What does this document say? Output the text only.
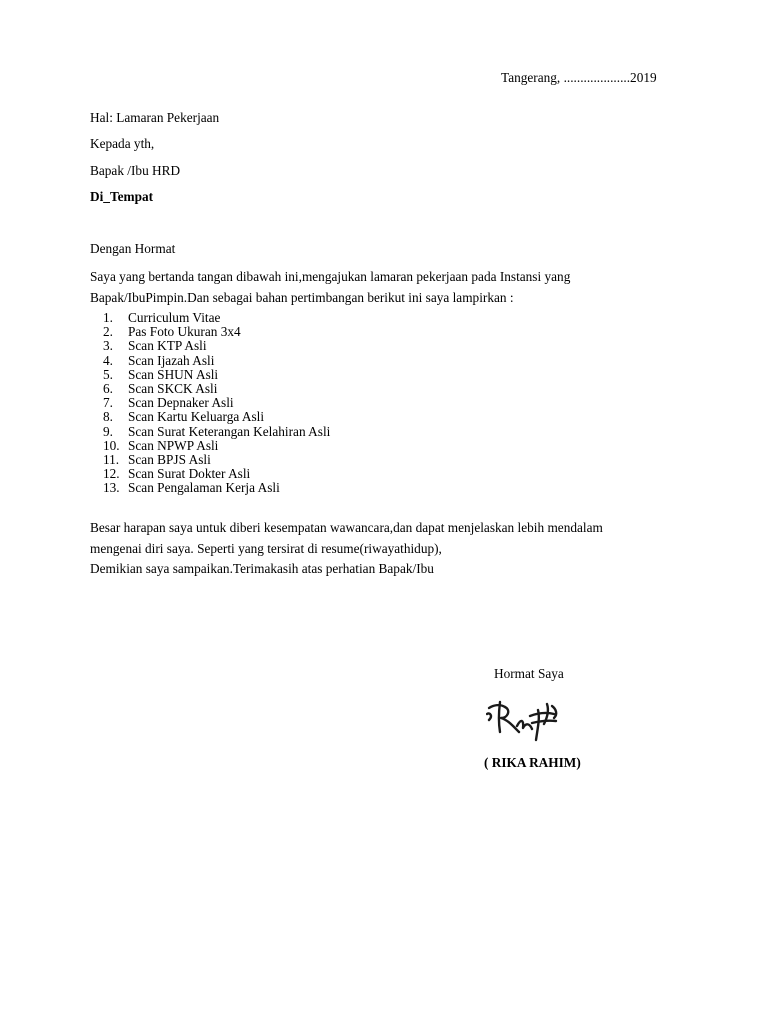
Tangerang, ....................2019
Hal: Lamaran Pekerjaan
Kepada yth,
Bapak /Ibu HRD
Di_Tempat
Dengan Hormat
Saya yang bertanda tangan dibawah ini,mengajukan lamaran pekerjaan pada Instansi yang
Bapak/IbuPimpin.Dan sebagai bahan pertimbangan berikut ini saya lampirkan :
1. Curriculum Vitae
2. Pas Foto Ukuran 3x4
3. Scan KTP Asli
4. Scan Ijazah Asli
5. Scan SHUN Asli
6. Scan SKCK Asli
7. Scan Depnaker Asli
8. Scan Kartu Keluarga Asli
9. Scan Surat Keterangan Kelahiran Asli
10. Scan NPWP Asli
11. Scan BPJS Asli
12. Scan Surat Dokter Asli
13. Scan Pengalaman Kerja Asli
Besar harapan saya untuk diberi kesempatan wawancara,dan dapat menjelaskan lebih mendalam
mengenai diri saya. Seperti yang tersirat di resume(riwayathidup),
Demikian saya sampaikan.Terimakasih atas perhatian Bapak/Ibu
Hormat Saya
( RIKA RAHIM)
